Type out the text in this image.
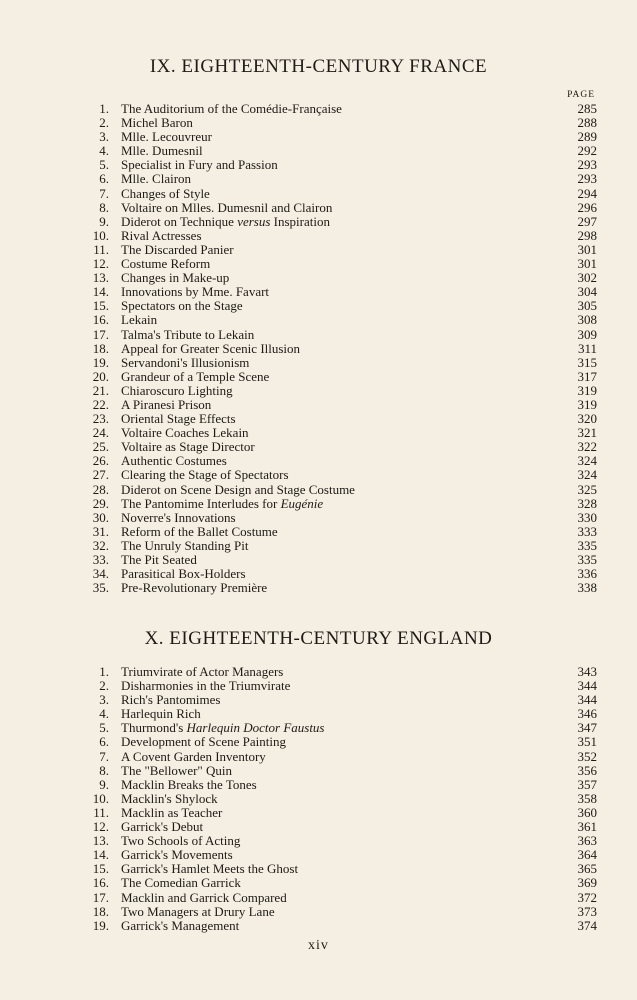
IX. EIGHTEENTH-CENTURY FRANCE
PAGE
1. The Auditorium of the Comédie-Française	285
2. Michel Baron	288
3. Mlle. Lecouvreur	289
4. Mlle. Dumesnil	292
5. Specialist in Fury and Passion	293
6. Mlle. Clairon	293
7. Changes of Style	294
8. Voltaire on Mlles. Dumesnil and Clairon	296
9. Diderot on Technique versus Inspiration	297
10. Rival Actresses	298
11. The Discarded Panier	301
12. Costume Reform	301
13. Changes in Make-up	302
14. Innovations by Mme. Favart	304
15. Spectators on the Stage	305
16. Lekain	308
17. Talma's Tribute to Lekain	309
18. Appeal for Greater Scenic Illusion	311
19. Servandoni's Illusionism	315
20. Grandeur of a Temple Scene	317
21. Chiaroscuro Lighting	319
22. A Piranesi Prison	319
23. Oriental Stage Effects	320
24. Voltaire Coaches Lekain	321
25. Voltaire as Stage Director	322
26. Authentic Costumes	324
27. Clearing the Stage of Spectators	324
28. Diderot on Scene Design and Stage Costume	325
29. The Pantomime Interludes for Eugénie	328
30. Noverre's Innovations	330
31. Reform of the Ballet Costume	333
32. The Unruly Standing Pit	335
33. The Pit Seated	335
34. Parasitical Box-Holders	336
35. Pre-Revolutionary Première	338
X. EIGHTEENTH-CENTURY ENGLAND
1. Triumvirate of Actor Managers	343
2. Disharmonies in the Triumvirate	344
3. Rich's Pantomimes	344
4. Harlequin Rich	346
5. Thurmond's Harlequin Doctor Faustus	347
6. Development of Scene Painting	351
7. A Covent Garden Inventory	352
8. The "Bellower" Quin	356
9. Macklin Breaks the Tones	357
10. Macklin's Shylock	358
11. Macklin as Teacher	360
12. Garrick's Debut	361
13. Two Schools of Acting	363
14. Garrick's Movements	364
15. Garrick's Hamlet Meets the Ghost	365
16. The Comedian Garrick	369
17. Macklin and Garrick Compared	372
18. Two Managers at Drury Lane	373
19. Garrick's Management	374
xiv
